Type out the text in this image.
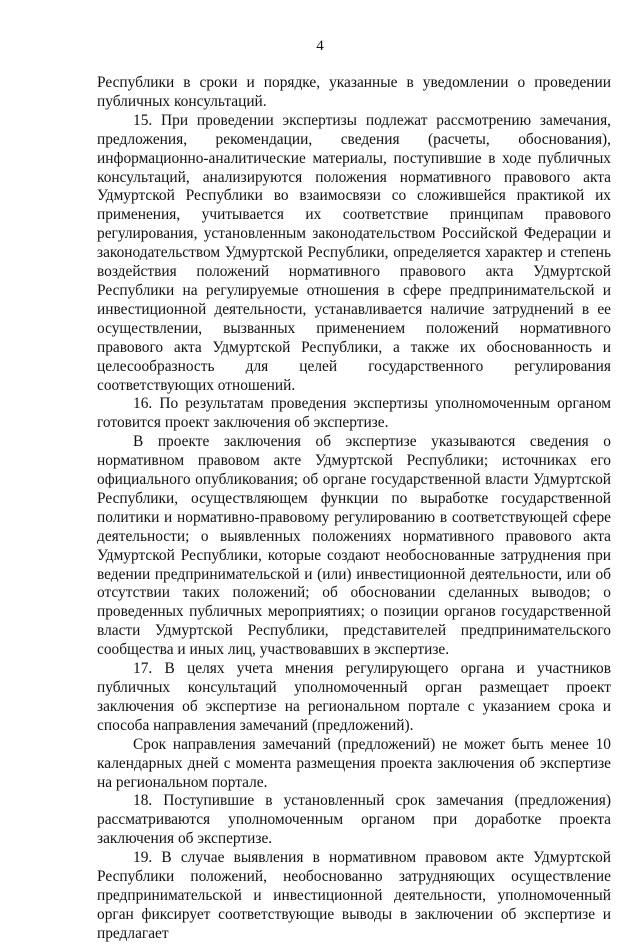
4

Республики в сроки и порядке, указанные в уведомлении о проведении публичных консультаций.

15. При проведении экспертизы подлежат рассмотрению замечания, предложения, рекомендации, сведения (расчеты, обоснования), информационно-аналитические материалы, поступившие в ходе публичных консультаций, анализируются положения нормативного правового акта Удмуртской Республики во взаимосвязи со сложившейся практикой их применения, учитывается их соответствие принципам правового регулирования, установленным законодательством Российской Федерации и законодательством Удмуртской Республики, определяется характер и степень воздействия положений нормативного правового акта Удмуртской Республики на регулируемые отношения в сфере предпринимательской и инвестиционной деятельности, устанавливается наличие затруднений в ее осуществлении, вызванных применением положений нормативного правового акта Удмуртской Республики, а также их обоснованность и целесообразность для целей государственного регулирования соответствующих отношений.

16. По результатам проведения экспертизы уполномоченным органом готовится проект заключения об экспертизе.

В проекте заключения об экспертизе указываются сведения о нормативном правовом акте Удмуртской Республики; источниках его официального опубликования; об органе государственной власти Удмуртской Республики, осуществляющем функции по выработке государственной политики и нормативно-правовому регулированию в соответствующей сфере деятельности; о выявленных положениях нормативного правового акта Удмуртской Республики, которые создают необоснованные затруднения при ведении предпринимательской и (или) инвестиционной деятельности, или об отсутствии таких положений; об обосновании сделанных выводов; о проведенных публичных мероприятиях; о позиции органов государственной власти Удмуртской Республики, представителей предпринимательского сообщества и иных лиц, участвовавших в экспертизе.

17. В целях учета мнения регулирующего органа и участников публичных консультаций уполномоченный орган размещает проект заключения об экспертизе на региональном портале с указанием срока и способа направления замечаний (предложений).

Срок направления замечаний (предложений) не может быть менее 10 календарных дней с момента размещения проекта заключения об экспертизе на региональном портале.

18. Поступившие в установленный срок замечания (предложения) рассматриваются уполномоченным органом при доработке проекта заключения об экспертизе.

19. В случае выявления в нормативном правовом акте Удмуртской Республики положений, необоснованно затрудняющих осуществление предпринимательской и инвестиционной деятельности, уполномоченный орган фиксирует соответствующие выводы в заключении об экспертизе и предлагает
